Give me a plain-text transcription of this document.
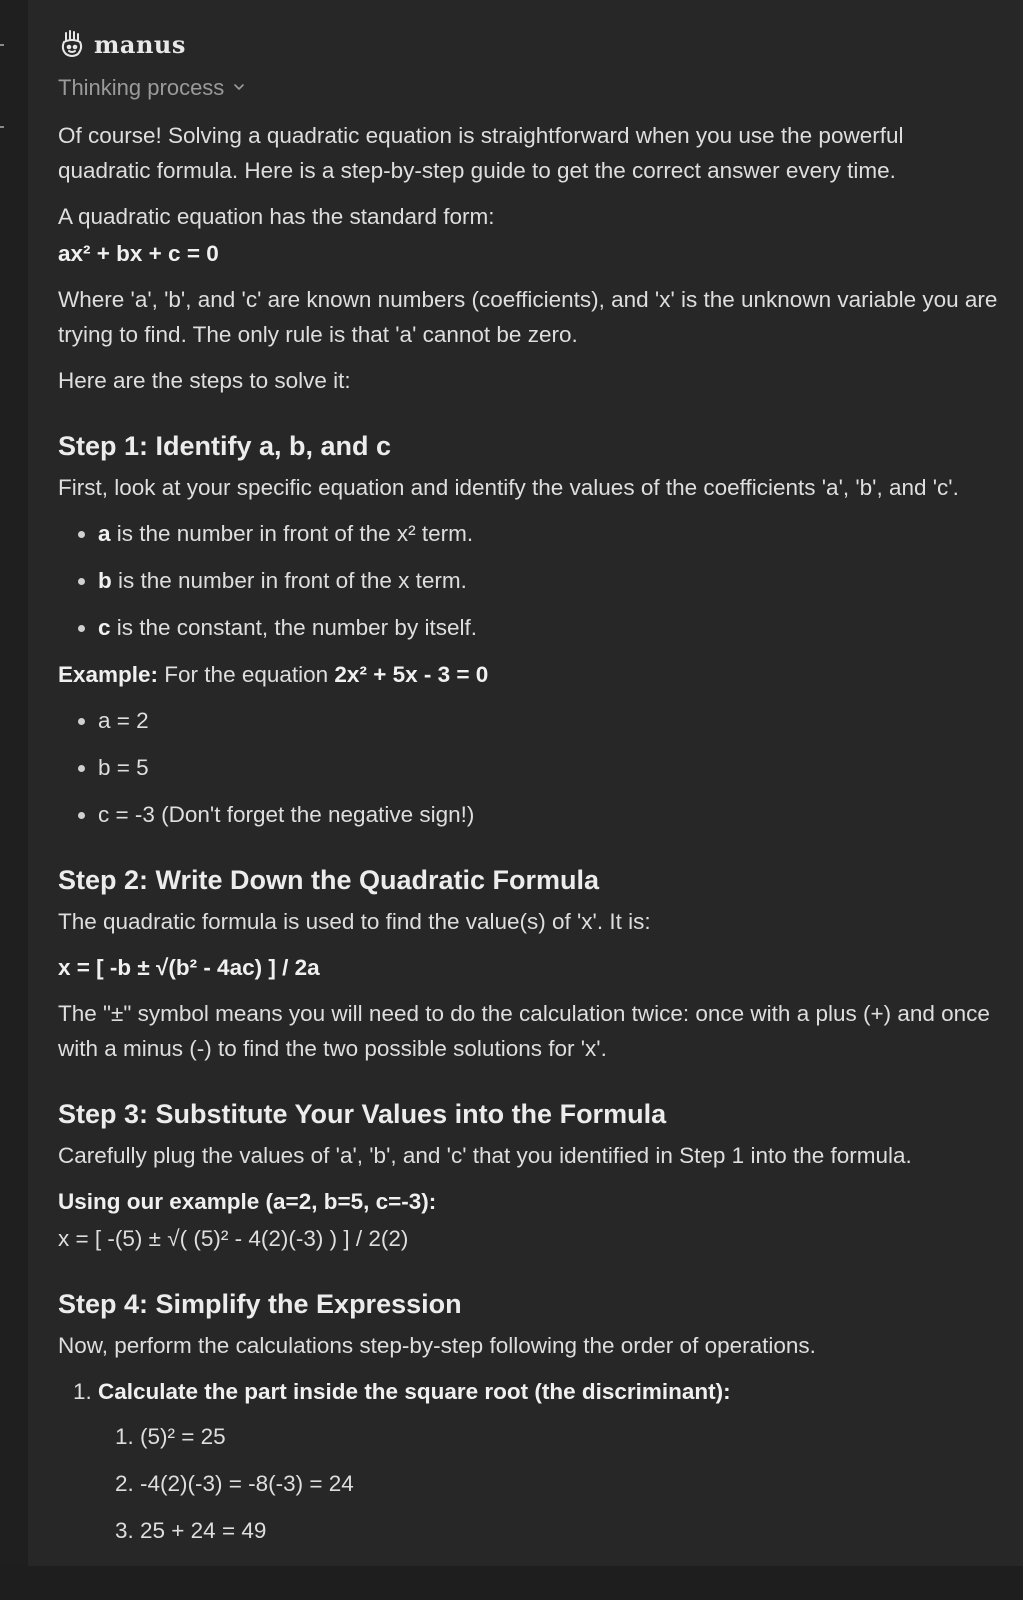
manus
Thinking process

Of course! Solving a quadratic equation is straightforward when you use the powerful quadratic formula. Here is a step-by-step guide to get the correct answer every time.

A quadratic equation has the standard form:

ax² + bx + c = 0

Where 'a', 'b', and 'c' are known numbers (coefficients), and 'x' is the unknown variable you are trying to find. The only rule is that 'a' cannot be zero.

Here are the steps to solve it:

Step 1: Identify a, b, and c

First, look at your specific equation and identify the values of the coefficients 'a', 'b', and 'c'.

• a is the number in front of the x² term.
• b is the number in front of the x term.
• c is the constant, the number by itself.

Example: For the equation 2x² + 5x - 3 = 0

• a = 2
• b = 5
• c = -3 (Don't forget the negative sign!)
Step 2: Write Down the Quadratic Formula

The quadratic formula is used to find the value(s) of 'x'. It is:

x = [ -b ± √(b² - 4ac) ] / 2a

The "±" symbol means you will need to do the calculation twice: once with a plus (+) and once with a minus (-) to find the two possible solutions for 'x'.

Step 3: Substitute Your Values into the Formula

Carefully plug the values of 'a', 'b', and 'c' that you identified in Step 1 into the formula.

Using our example (a=2, b=5, c=-3):

x = [ -(5) ± √( (5)² - 4(2)(-3) ) ] / 2(2)

Step 4: Simplify the Expression

Now, perform the calculations step-by-step following the order of operations.

1. Calculate the part inside the square root (the discriminant):
1. (5)² = 25
2. -4(2)(-3) = -8(-3) = 24
3. 25 + 24 = 49
